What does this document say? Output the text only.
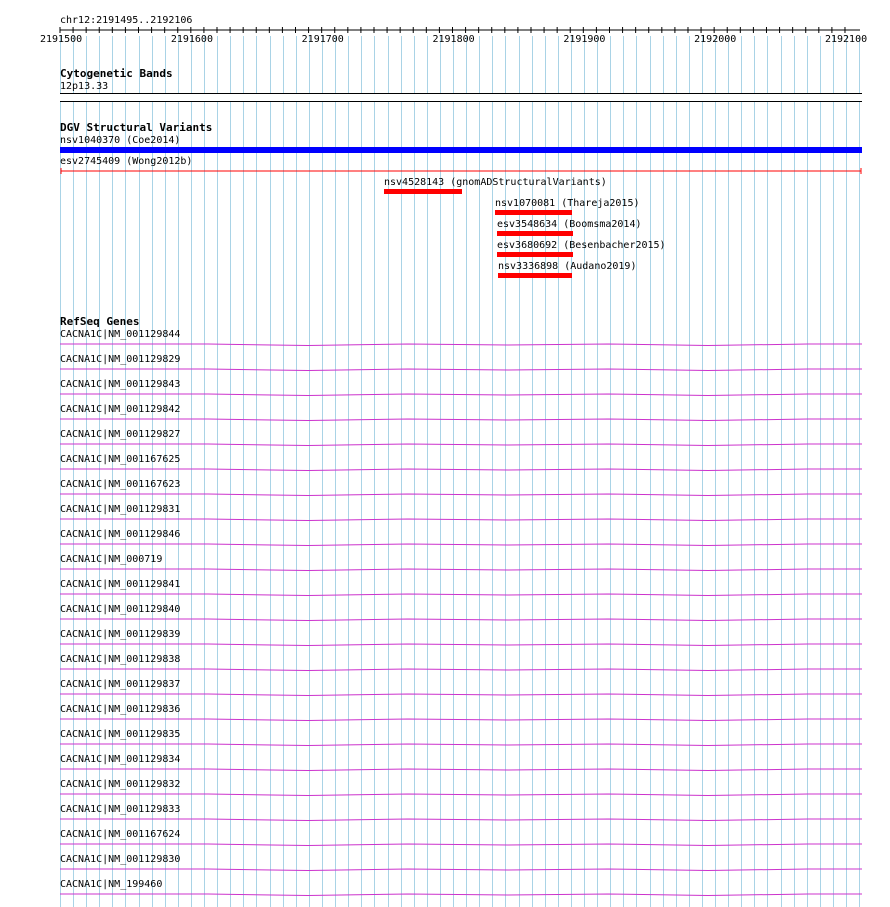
chr12:2191495..2192106
2191500	2191600	2191700	2191800	2191900	2192000	2192100
Cytogenetic Bands
12p13.33
DGV Structural Variants
nsv1040370 (Coe2014)
esv2745409 (Wong2012b)
nsv4528143 (gnomADStructuralVariants)
nsv1070081 (Thareja2015)
esv3548634 (Boomsma2014)
esv3680692 (Besenbacher2015)
nsv3336898 (Audano2019)
RefSeq Genes
CACNA1C|NM_001129844
CACNA1C|NM_001129829
CACNA1C|NM_001129843
CACNA1C|NM_001129842
CACNA1C|NM_001129827
CACNA1C|NM_001167625
CACNA1C|NM_001167623
CACNA1C|NM_001129831
CACNA1C|NM_001129846
CACNA1C|NM_000719
CACNA1C|NM_001129841
CACNA1C|NM_001129840
CACNA1C|NM_001129839
CACNA1C|NM_001129838
CACNA1C|NM_001129837
CACNA1C|NM_001129836
CACNA1C|NM_001129835
CACNA1C|NM_001129834
CACNA1C|NM_001129832
CACNA1C|NM_001129833
CACNA1C|NM_001167624
CACNA1C|NM_001129830
CACNA1C|NM_199460
